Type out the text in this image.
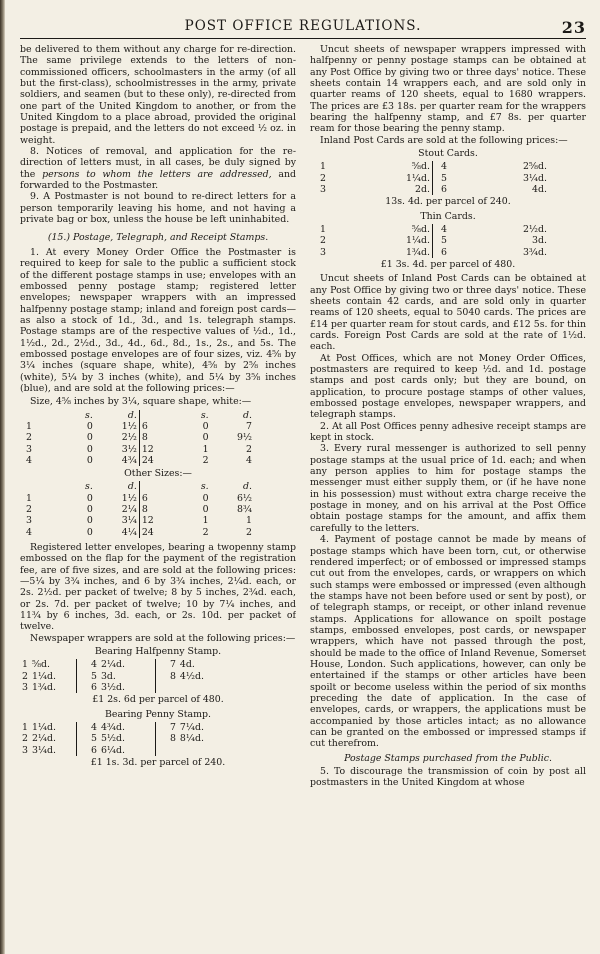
POST OFFICE REGULATIONS.	23

be delivered to them without any charge for re-direction. The same privilege extends to the letters of non-commissioned officers, schoolmasters in the army (of all but the first-class), schoolmistresses in the army, private soldiers, and seamen (but to these only), re-directed from one part of the United Kingdom to another, or from the United Kingdom to a place abroad, provided the original postage is prepaid, and the letters do not exceed ½ oz. in weight.

8. Notices of removal, and application for the re-direction of letters must, in all cases, be duly signed by the persons to whom the letters are addressed, and forwarded to the Postmaster.

9. A Postmaster is not bound to re-direct letters for a person temporarily leaving his home, and not having a private bag or box, unless the house be left uninhabited.

(15.) Postage, Telegraph, and Receipt Stamps.

1. At every Money Order Office the Postmaster is required to keep for sale to the public a sufficient stock of the different postage stamps in use; envelopes with an embossed penny postage stamp; registered letter envelopes; newspaper wrappers with an impressed halfpenny postage stamp; inland and foreign post cards—as also a stock of 1d., 3d., and 1s. telegraph stamps. Postage stamps are of the respective values of ½d., 1d., 1½d., 2d., 2½d., 3d., 4d., 6d., 8d., 1s., 2s., and 5s. The embossed postage envelopes are of four sizes, viz. 4⅝ by 3¼ inches (square shape, white), 4⅝ by 2⅝ inches (white), 5¼ by 3 inches (white), and 5¼ by 3⅝ inches (blue), and are sold at the following prices:—

Size, 4⅝ inches by 3¼, square shape, white:—
	s.	d.			s.	d.
1	0	1½		6	0	7
2	0	2½		8	0	9½
3	0	3½		12	1	2
4	0	4¾		24	2	4
Other Sizes:—
	s.	d.			s.	d.
1	0	1½		6	0	6½
2	0	2¼		8	0	8¾
3	0	3¼		12	1	1
4	0	4¼		24	2	2

Registered letter envelopes, bearing a twopenny stamp embossed on the flap for the payment of the registration fee, are of five sizes, and are sold at the following prices:—5¼ by 3¾ inches, and 6 by 3¾ inches, 2¼d. each, or 2s. 2½d. per packet of twelve; 8 by 5 inches, 2¾d. each, or 2s. 7d. per packet of twelve; 10 by 7¼ inches, and 11¾ by 6 inches, 3d. each, or 2s. 10d. per packet of twelve.

Newspaper wrappers are sold at the following prices:—

Bearing Halfpenny Stamp.
1	⅝d.		4	2¼d.		7	4d.
2	1¼d.		5	3d.		8	4½d.
3	1¾d.		6	3½d.			
£1 2s. 6d per parcel of 480.
Bearing Penny Stamp.
1	1¼d.		4	4¾d.		7	7¼d.
2	2¼d.		5	5½d.		8	8¼d.
3	3¼d.		6	6¼d.			
£1 1s. 3d. per parcel of 240.

Uncut sheets of newspaper wrappers impressed with halfpenny or penny postage stamps can be obtained at any Post Office by giving two or three days' notice. These sheets contain 14 wrappers each, and are sold only in quarter reams of 120 sheets, equal to 1680 wrappers. The prices are £3 18s. per quarter ream for the wrappers bearing the halfpenny stamp, and £7 8s. per quarter ream for those bearing the penny stamp.

Inland Post Cards are sold at the following prices:—

Stout Cards.
1	⅝d.		4	2⅝d.
2	1¼d.		5	3¼d.
3	2d.		6	4d.
13s. 4d. per parcel of 240.
Thin Cards.
1	⅝d.		4	2½d.
2	1¼d.		5	3d.
3	1¾d.		6	3¾d.
£1 3s. 4d. per parcel of 480.

Uncut sheets of Inland Post Cards can be obtained at any Post Office by giving two or three days' notice. These sheets contain 42 cards, and are sold only in quarter reams of 120 sheets, equal to 5040 cards. The prices are £14 per quarter ream for stout cards, and £12 5s. for thin cards. Foreign Post Cards are sold at the rate of 1½d. each.

At Post Offices, which are not Money Order Offices, postmasters are required to keep ½d. and 1d. postage stamps and post cards only; but they are bound, on application, to procure postage stamps of other values, embossed postage envelopes, newspaper wrappers, and telegraph stamps.

2. At all Post Offices penny adhesive receipt stamps are kept in stock.

3. Every rural messenger is authorized to sell penny postage stamps at the usual price of 1d. each; and when any person applies to him for postage stamps the messenger must either supply them, or (if he have none in his possession) must without extra charge receive the postage in money, and on his arrival at the Post Office obtain postage stamps for the amount, and affix them carefully to the letters.

4. Payment of postage cannot be made by means of postage stamps which have been torn, cut, or otherwise rendered imperfect; or of embossed or impressed stamps cut out from the envelopes, cards, or wrappers on which such stamps were embossed or impressed (even although the stamps have not been before used or sent by post), or of telegraph stamps, or receipt, or other inland revenue stamps. Applications for allowance on spoilt postage stamps, embossed envelopes, post cards, or newspaper wrappers, which have not passed through the post, should be made to the office of Inland Revenue, Somerset House, London. Such applications, however, can only be entertained if the stamps or other articles have been spoilt or become useless within the period of six months preceding the date of application. In the case of envelopes, cards, or wrappers, the applications must be accompanied by those articles intact; as no allowance can be granted on the embossed or impressed stamps if cut therefrom.

Postage Stamps purchased from the Public.

5. To discourage the transmission of coin by post all postmasters in the United Kingdom at whose
